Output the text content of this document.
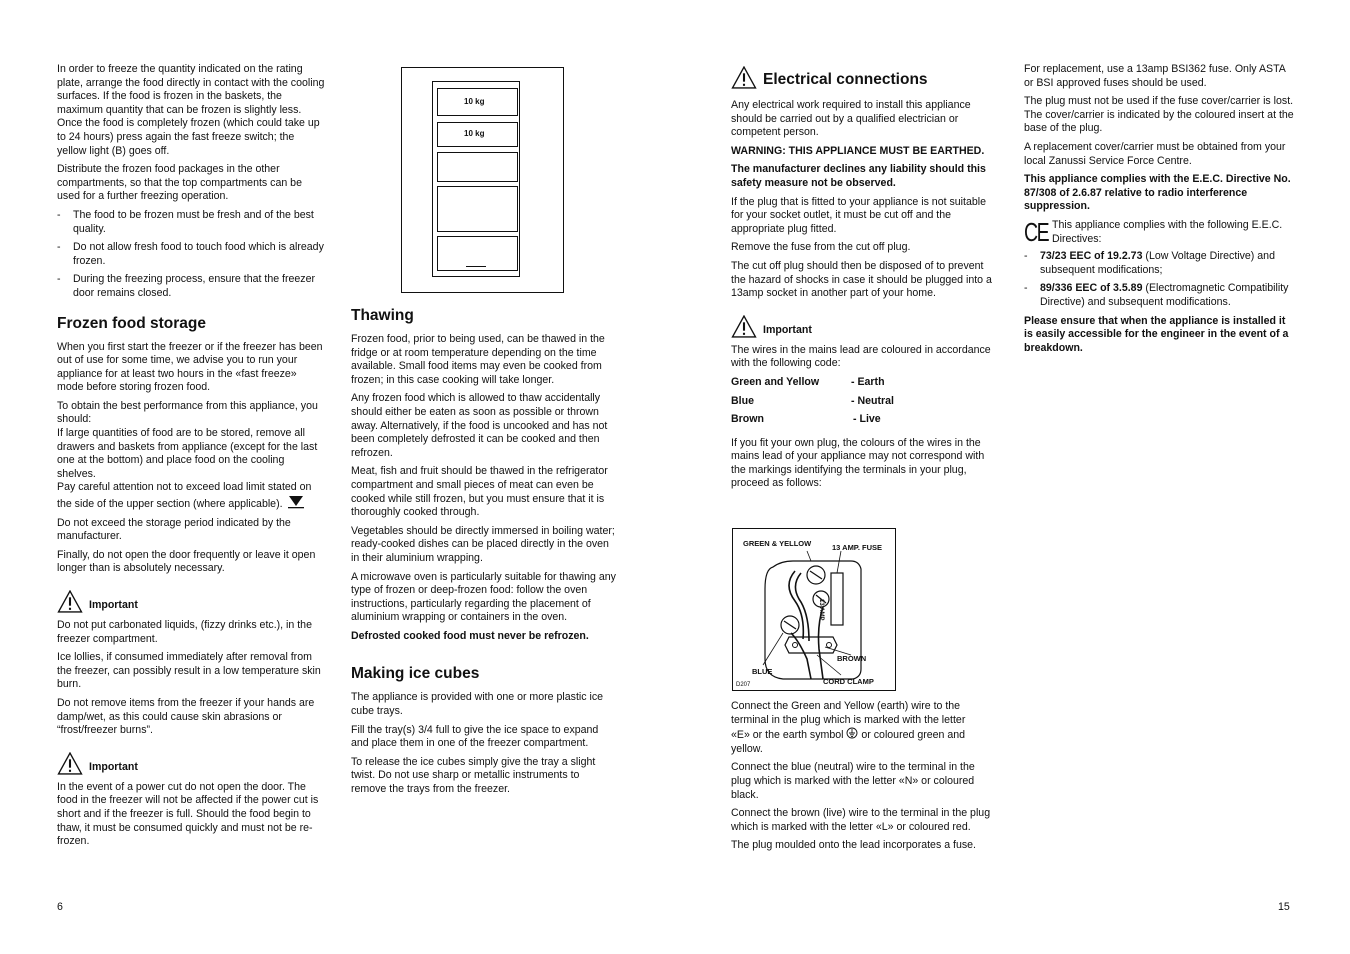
In order to freeze the quantity indicated on the rating plate, arrange the food directly in contact with the cooling surfaces. If the food is frozen in the baskets, the maximum quantity that can be frozen is slightly less.

Once the food is completely frozen (which could take up to 24 hours) press again the fast freeze switch; the yellow light (B) goes off.

Distribute the frozen food packages in the other compartments, so that the top compartments can be used for a further freezing operation.

- The food to be frozen must be fresh and of the best quality.
- Do not allow fresh food to touch food which is already frozen.
- During the freezing process, ensure that the freezer door remains closed.
Frozen food storage

When you first start the freezer or if the freezer has been out of use for some time, we advise you to run your appliance for at least two hours in the «fast freeze» mode before storing frozen food.

To obtain the best performance from this appliance, you should:

If large quantities of food are to be stored, remove all drawers and baskets from appliance (except for the last one at the bottom) and place food on the cooling shelves.

Pay careful attention not to exceed load limit stated on the side of the upper section (where applicable).

Do not exceed the storage period indicated by the manufacturer.

Finally, do not open the door frequently or leave it open longer than is absolutely necessary.

Important

Do not put carbonated liquids, (fizzy drinks etc.), in the freezer compartment.

Ice lollies, if consumed immediately after removal from the freezer, can possibly result in a low temperature skin burn.

Do not remove items from the freezer if your hands are damp/wet, as this could cause skin abrasions or “frost/freezer burns”.

Important

In the event of a power cut do not open the door. The food in the freezer will not be affected if the power cut is short and if the freezer is full. Should the food begin to thaw, it must be consumed quickly and must not be re-frozen.

10 kg
10 kg
Thawing

Frozen food, prior to being used, can be thawed in the fridge or at room temperature depending on the time available. Small food items may even be cooked from frozen; in this case cooking will take longer.

Any frozen food which is allowed to thaw accidentally should either be eaten as soon as possible or thrown away. Alternatively, if the food is uncooked and has not been completely defrosted it can be cooked and then refrozen.

Meat, fish and fruit should be thawed in the refrigerator compartment and small pieces of meat can even be cooked while still frozen, but you must ensure that it is thoroughly cooked through.

Vegetables should be directly immersed in boiling water; ready-cooked dishes can be placed directly in the oven in their aluminium wrapping.

A microwave oven is particularly suitable for thawing any type of frozen or deep-frozen food: follow the oven instructions, particularly regarding the placement of aluminium wrapping or containers in the oven.

Defrosted cooked food must never be refrozen.

Making ice cubes

The appliance is provided with one or more plastic ice cube trays.

Fill the tray(s) 3/4 full to give the ice space to expand and place them in one of the freezer compartment.

To release the ice cubes simply give the tray a slight twist. Do not use sharp or metallic instruments to remove the trays from the freezer.

6
Electrical connections

Any electrical work required to install this appliance should be carried out by a qualified electrician or competent person.

WARNING: THIS APPLIANCE MUST BE EARTHED.

The manufacturer declines any liability should this safety measure not be observed.

If the plug that is fitted to your appliance is not suitable for your socket outlet, it must be cut off and the appropriate plug fitted.

Remove the fuse from the cut off plug.

The cut off plug should then be disposed of to prevent the hazard of shocks in case it should be plugged into a 13amp socket in another part of your home.

Important

The wires in the mains lead are coloured in accordance with the following code:

Green and Yellow	- Earth
Blue	- Neutral
Brown	- Live

If you fit your own plug, the colours of the wires in the mains lead of your appliance may not correspond with the markings identifying the terminals in your plug, proceed as follows:

GREEN & YELLOW	13 AMP. FUSE
BLUE
BROWN
CORD CLAMP
D207
13 AMP

Connect the Green and Yellow (earth) wire to the terminal in the plug which is marked with the letter
«E» or the earth symbol or coloured green and yellow.

Connect the blue (neutral) wire to the terminal in the plug which is marked with the letter «N» or coloured black.

Connect the brown (live) wire to the terminal in the plug which is marked with the letter «L» or coloured red.

The plug moulded onto the lead incorporates a fuse.

For replacement, use a 13amp BSI362 fuse. Only ASTA or BSI approved fuses should be used.

The plug must not be used if the fuse cover/carrier is lost. The cover/carrier is indicated by the coloured insert at the base of the plug.

A replacement cover/carrier must be obtained from your local Zanussi Service Force Centre.

This appliance complies with the E.E.C. Directive No. 87/308 of 2.6.87 relative to radio interference suppression.

CE This appliance complies with the following E.E.C. Directives:
- 73/23 EEC of 19.2.73 (Low Voltage Directive) and subsequent modifications;
- 89/336 EEC of 3.5.89 (Electromagnetic Compatibility Directive) and subsequent modifications.

Please ensure that when the appliance is installed it is easily accessible for the engineer in the event of a breakdown.

15
